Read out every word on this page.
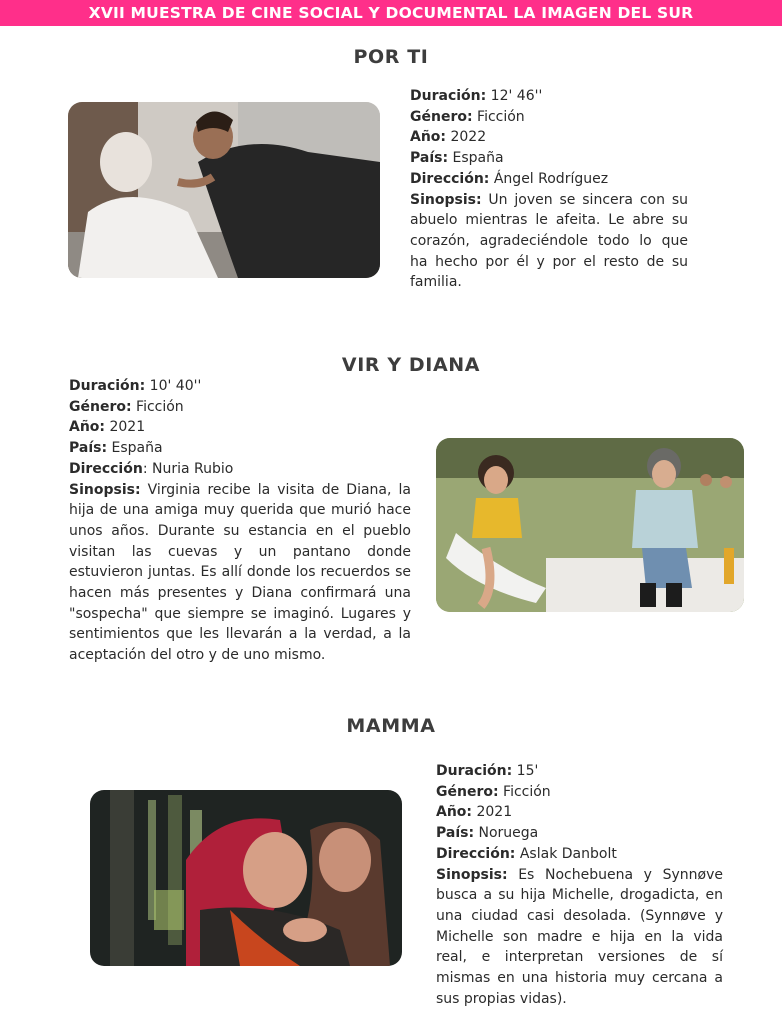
XVII MUESTRA DE CINE SOCIAL Y DOCUMENTAL LA IMAGEN DEL SUR
POR TI
Duración: 12' 46''
Género: Ficción
Año: 2022
País: España
Dirección: Ángel Rodríguez
Sinopsis: Un joven se sincera con su abuelo mientras le afeita. Le abre su corazón, agradeciéndole todo lo que ha hecho por él y por el resto de su familia.
VIR Y DIANA
Duración: 10' 40''
Género: Ficción
Año: 2021
País: España
Dirección: Nuria Rubio
Sinopsis: Virginia recibe la visita de Diana, la hija de una amiga muy querida que murió hace unos años. Durante su estancia en el pueblo visitan las cuevas y un pantano donde estuvieron juntas. Es allí donde los recuerdos se hacen más presentes y Diana confirmará una "sospecha" que siempre se imaginó. Lugares y sentimientos que les llevarán a la verdad, a la aceptación del otro y de uno mismo.
MAMMA
Duración: 15'
Género: Ficción
Año: 2021
País: Noruega
Dirección: Aslak Danbolt
Sinopsis: Es Nochebuena y Synnøve busca a su hija Michelle, drogadicta, en una ciudad casi desolada. (Synnøve y Michelle son madre e hija en la vida real, e interpretan versiones de sí mismas en una historia muy cercana a sus propias vidas).
